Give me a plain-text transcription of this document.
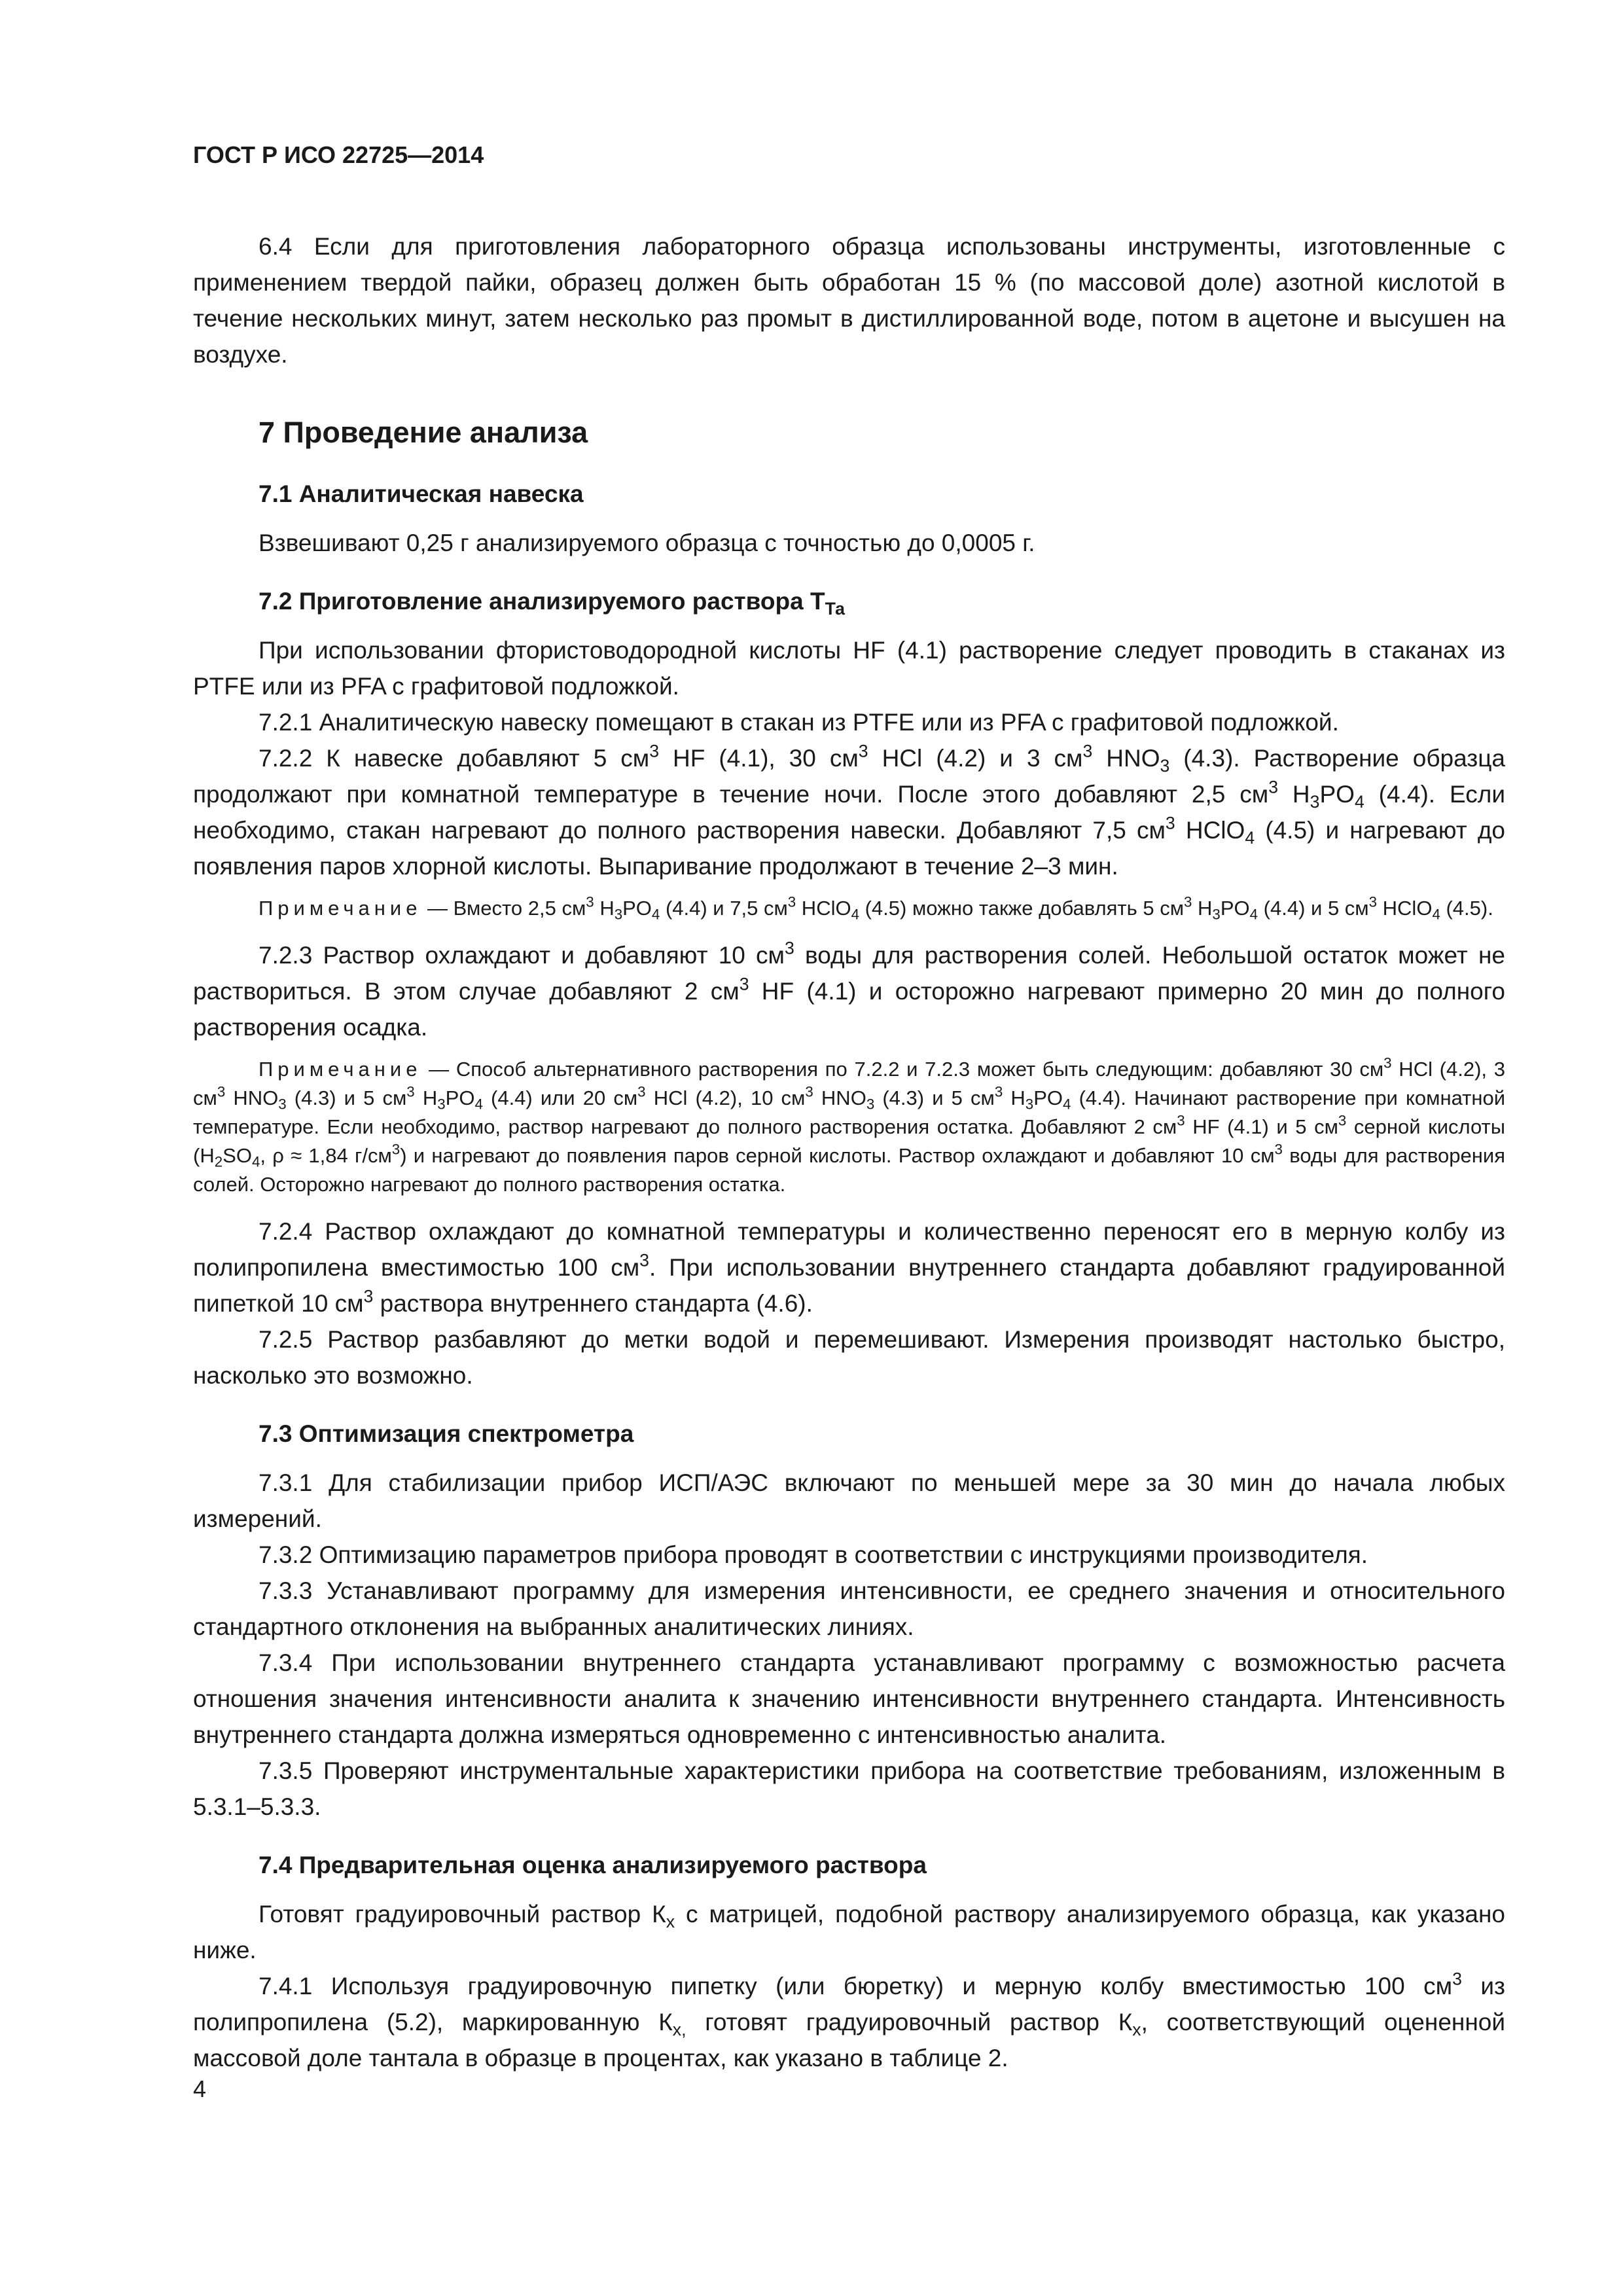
ГОСТ Р ИСО 22725—2014

6.4 Если для приготовления лабораторного образца использованы инструменты, изготовленные с применением твердой пайки, образец должен быть обработан 15 % (по массовой доле) азотной кислотой в течение нескольких минут, затем несколько раз промыт в дистиллированной воде, потом в ацетоне и высушен на воздухе.

7 Проведение анализа
7.1 Аналитическая навеска

Взвешивают 0,25 г анализируемого образца с точностью до 0,0005 г.

7.2 Приготовление анализируемого раствора $Т_{Та}$

При использовании фтористоводородной кислоты HF (4.1) растворение следует проводить в стаканах из PTFE или из PFA с графитовой подложкой.

7.2.1 Аналитическую навеску помещают в стакан из PTFE или из PFA с графитовой подложкой.

7.2.2 К навеске добавляют 5 $см^3$ HF (4.1), 30 $см^3$ HCl (4.2) и 3 $см^3$ $HNO_3$ (4.3). Растворение образца продолжают при комнатной температуре в течение ночи. После этого добавляют 2,5 $см^3$ $H_3PO_4$ (4.4). Если необходимо, стакан нагревают до полного растворения навески. Добавляют 7,5 $см^3$ HClO$_4$ (4.5) и нагревают до появления паров хлорной кислоты. Выпаривание продолжают в течение 2–3 мин.

Примечание — Вместо 2,5 $см^3$ $H_3PO_4$ (4.4) и 7,5 $см^3$ HClO$_4$ (4.5) можно также добавлять 5 $см^3$ $H_3PO_4$ (4.4) и 5 $см^3$ HClO$_4$ (4.5).

7.2.3 Раствор охлаждают и добавляют 10 $см^3$ воды для растворения солей. Небольшой остаток может не раствориться. В этом случае добавляют 2 $см^3$ HF (4.1) и осторожно нагревают примерно 20 мин до полного растворения осадка.

Примечание — Способ альтернативного растворения по 7.2.2 и 7.2.3 может быть следующим: добавляют 30 $см^3$ HCl (4.2), 3 $см^3$ $HNO_3$ (4.3) и 5 $см^3$ $H_3PO_4$ (4.4) или 20 $см^3$ HCl (4.2), 10 $см^3$ $HNO_3$ (4.3) и 5 $см^3$ $H_3PO_4$ (4.4). Начинают растворение при комнатной температуре. Если необходимо, раствор нагревают до полного растворения остатка. Добавляют 2 $см^3$ HF (4.1) и 5 $см^3$ серной кислоты ($H_2SO_4$, ρ ≈ 1,84 $г/см^3$) и нагревают до появления паров серной кислоты. Раствор охлаждают и добавляют 10 $см^3$ воды для растворения солей. Осторожно нагревают до полного растворения остатка.

7.2.4 Раствор охлаждают до комнатной температуры и количественно переносят его в мерную колбу из полипропилена вместимостью 100 $см^3$. При использовании внутреннего стандарта добавляют градуированной пипеткой 10 $см^3$ раствора внутреннего стандарта (4.6).

7.2.5 Раствор разбавляют до метки водой и перемешивают. Измерения производят настолько быстро, насколько это возможно.

7.3 Оптимизация спектрометра

7.3.1 Для стабилизации прибор ИСП/АЭС включают по меньшей мере за 30 мин до начала любых измерений.

7.3.2 Оптимизацию параметров прибора проводят в соответствии с инструкциями производителя.

7.3.3 Устанавливают программу для измерения интенсивности, ее среднего значения и относительного стандартного отклонения на выбранных аналитических линиях.

7.3.4 При использовании внутреннего стандарта устанавливают программу с возможностью расчета отношения значения интенсивности аналита к значению интенсивности внутреннего стандарта. Интенсивность внутреннего стандарта должна измеряться одновременно с интенсивностью аналита.

7.3.5 Проверяют инструментальные характеристики прибора на соответствие требованиям, изложенным в 5.3.1–5.3.3.

7.4 Предварительная оценка анализируемого раствора

Готовят градуировочный раствор $К_x$ с матрицей, подобной раствору анализируемого образца, как указано ниже.

7.4.1 Используя градуировочную пипетку (или бюретку) и мерную колбу вместимостью 100 $см^3$ из полипропилена (5.2), маркированную $К_{x,}$ готовят градуировочный раствор $К_x$, соответствующий оцененной массовой доле тантала в образце в процентах, как указано в таблице 2.

4
